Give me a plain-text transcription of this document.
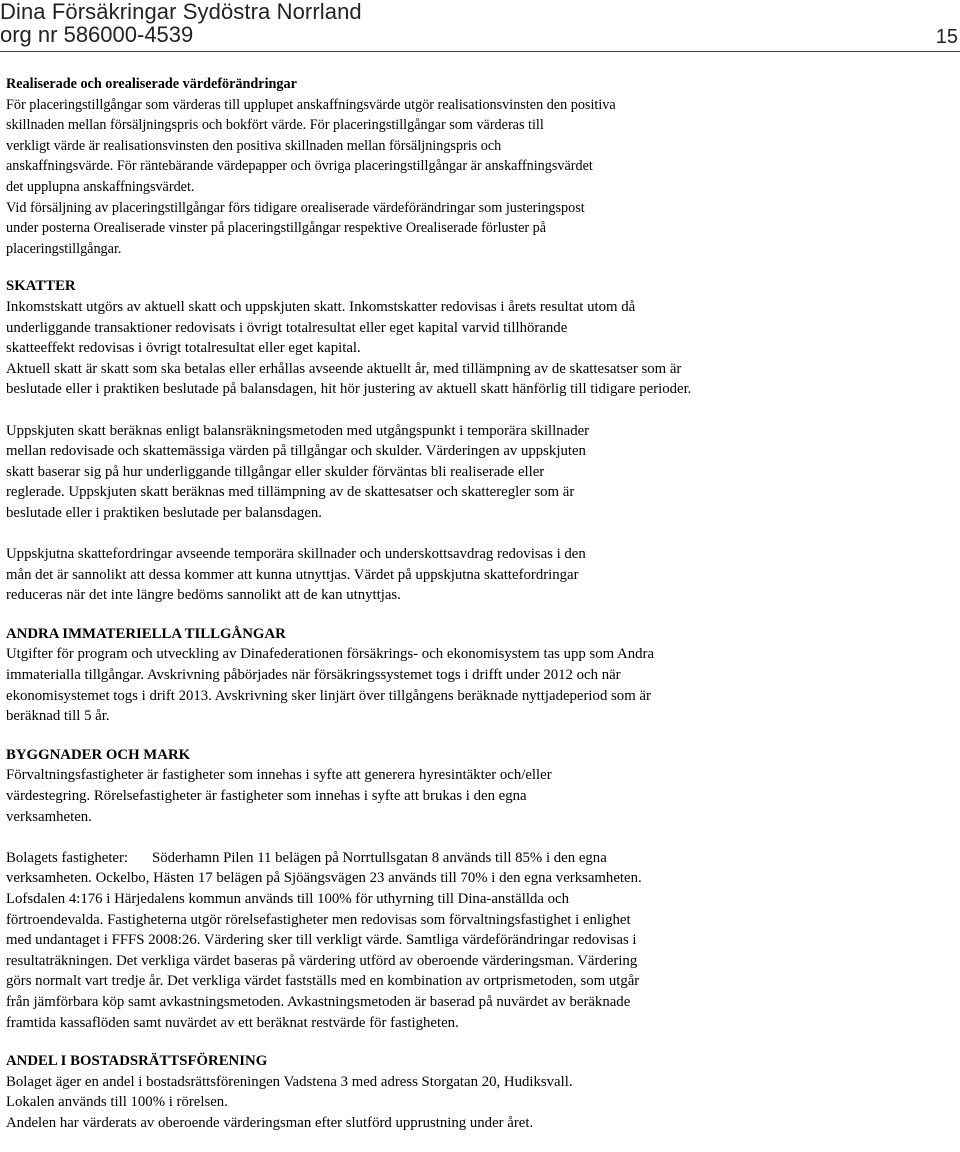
Dina Försäkringar Sydöstra Norrland
org nr 586000-4539	15
Realiserade och orealiserade värdeförändringar
För placeringstillgångar som värderas till upplupet anskaffningsvärde utgör realisationsvinsten den positiva
skillnaden mellan försäljningspris och bokfört värde. För placeringstillgångar som värderas till
verkligt värde är realisationsvinsten den positiva skillnaden mellan försäljningspris och
anskaffningsvärde. För räntebärande värdepapper och övriga placeringstillgångar är anskaffningsvärdet
det upplupna anskaffningsvärdet.
Vid försäljning av placeringstillgångar förs tidigare orealiserade värdeförändringar som justeringspost
under posterna Orealiserade vinster på placeringstillgångar respektive Orealiserade förluster på
placeringstillgångar.
SKATTER
Inkomstskatt utgörs av aktuell skatt och uppskjuten skatt. Inkomstskatter redovisas i årets resultat utom då
underliggande transaktioner redovisats i övrigt totalresultat eller eget kapital varvid tillhörande
skatteeffekt redovisas i övrigt totalresultat eller eget kapital.
Aktuell skatt är skatt som ska betalas eller erhållas avseende aktuellt år, med tillämpning av de skattesatser som är
beslutade eller i praktiken beslutade på balansdagen, hit hör justering av aktuell skatt hänförlig till tidigare perioder.
Uppskjuten skatt beräknas enligt balansräkningsmetoden med utgångspunkt i temporära skillnader
mellan redovisade och skattemässiga värden på tillgångar och skulder. Värderingen av uppskjuten
skatt baserar sig på hur underliggande tillgångar eller skulder förväntas bli realiserade eller
reglerade. Uppskjuten skatt beräknas med tillämpning av de skattesatser och skatteregler som är
beslutade eller i praktiken beslutade per balansdagen.
Uppskjutna skattefordringar avseende temporära skillnader och underskottsavdrag redovisas i den
mån det är sannolikt att dessa kommer att kunna utnyttjas. Värdet på uppskjutna skattefordringar
reduceras när det inte längre bedöms sannolikt att de kan utnyttjas.
ANDRA IMMATERIELLA TILLGÅNGAR
Utgifter för program och utveckling av Dinafederationen försäkrings- och ekonomisystem tas upp som Andra
immaterialla tillgångar. Avskrivning påbörjades när försäkringssystemet togs i drifft under 2012 och när
ekonomisystemet togs i drift 2013. Avskrivning sker linjärt över tillgångens beräknade nyttjadeperiod som är
beräknad till 5 år.
BYGGNADER OCH MARK
Förvaltningsfastigheter är fastigheter som innehas i syfte att generera hyresintäkter och/eller
värdestegring. Rörelsefastigheter är fastigheter som innehas i syfte att brukas i den egna
verksamheten.
Bolagets fastigheter: Söderhamn Pilen 11 belägen på Norrtullsgatan 8 används till 85% i den egna
verksamheten. Ockelbo, Hästen 17 belägen på Sjöängsvägen 23 används till 70% i den egna verksamheten.
Lofsdalen 4:176 i Härjedalens kommun används till 100% för uthyrning till Dina-anställda och
förtroendevalda. Fastigheterna utgör rörelsefastigheter men redovisas som förvaltningsfastighet i enlighet
med undantaget i FFFS 2008:26. Värdering sker till verkligt värde. Samtliga värdeförändringar redovisas i
resultaträkningen. Det verkliga värdet baseras på värdering utförd av oberoende värderingsman. Värdering
görs normalt vart tredje år. Det verkliga värdet fastställs med en kombination av ortprismetoden, som utgår
från jämförbara köp samt avkastningsmetoden. Avkastningsmetoden är baserad på nuvärdet av beräknade
framtida kassaflöden samt nuvärdet av ett beräknat restvärde för fastigheten.
ANDEL I BOSTADSRÄTTSFÖRENING
Bolaget äger en andel i bostadsrättsföreningen Vadstena 3 med adress Storgatan 20, Hudiksvall.
Lokalen används till 100% i rörelsen.
Andelen har värderats av oberoende värderingsman efter slutförd upprustning under året.
